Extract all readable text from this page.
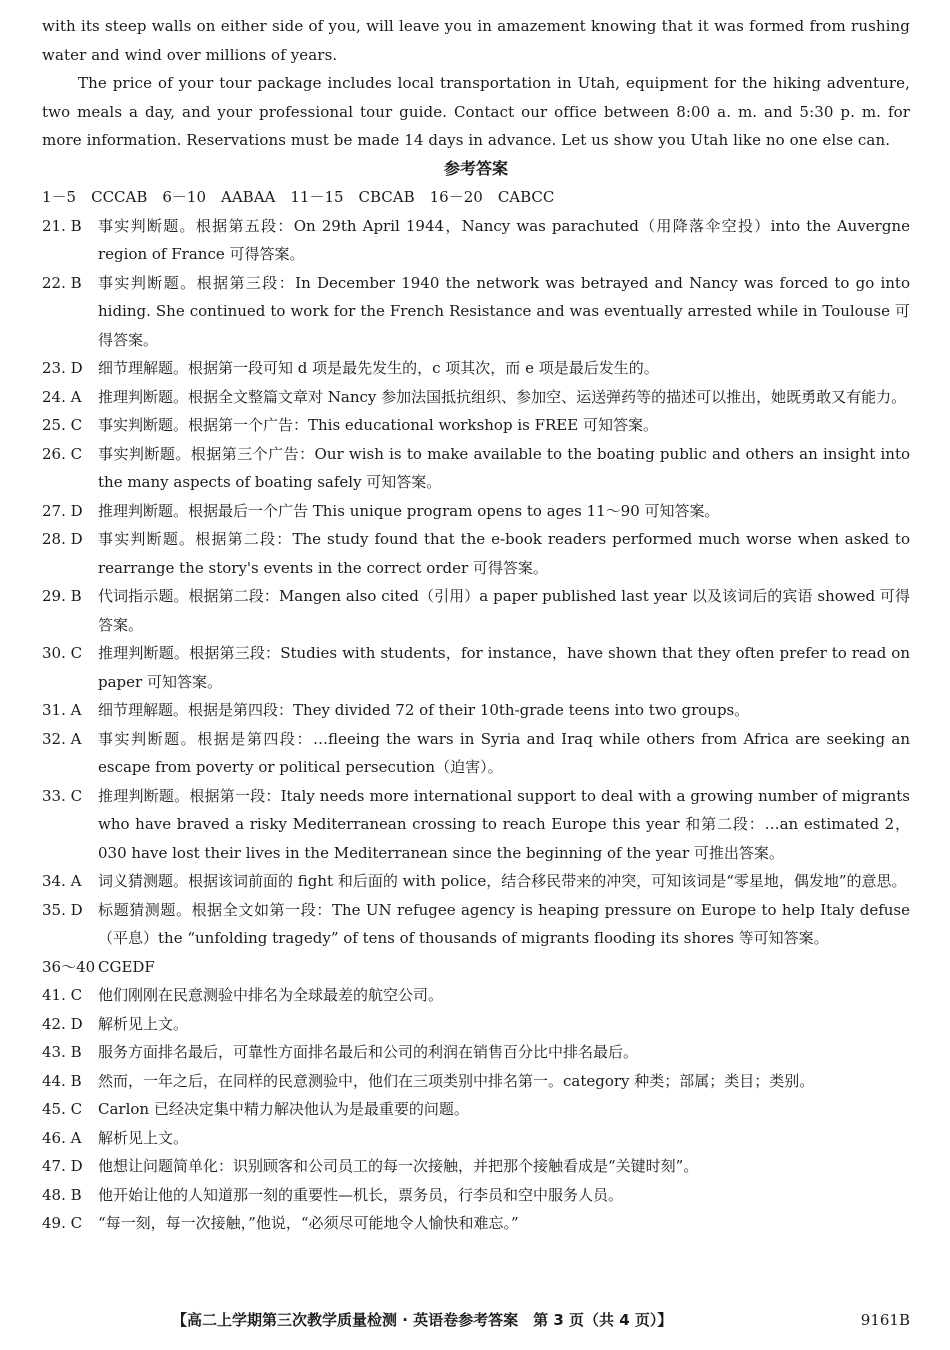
with its steep walls on either side of you, will leave you in amazement knowing that it was formed from rushing water and wind over millions of years.

The price of your tour package includes local transportation in Utah, equipment for the hiking adventure, two meals a day, and your professional tour guide. Contact our office between 8:00 a. m. and 5:30 p. m. for more information. Reservations must be made 14 days in advance. Let us show you Utah like no one else can.

参考答案

1－5　CCCAB　6－10　AABAA　11－15　CBCAB　16－20　CABCC

21. B	事实判断题。根据第五段：On 29th April 1944，Nancy was parachuted（用降落伞空投）into the Auvergne region of France 可得答案。
22. B	事实判断题。根据第三段：In December 1940 the network was betrayed and Nancy was forced to go into hiding. She continued to work for the French Resistance and was eventually arrested while in Toulouse 可得答案。
23. D	细节理解题。根据第一段可知 d 项是最先发生的，c 项其次，而 e 项是最后发生的。
24. A	推理判断题。根据全文整篇文章对 Nancy 参加法国抵抗组织、参加空、运送弹药等的描述可以推出，她既勇敢又有能力。
25. C	事实判断题。根据第一个广告：This educational workshop is FREE 可知答案。
26. C	事实判断题。根据第三个广告：Our wish is to make available to the boating public and others an insight into the many aspects of boating safely 可知答案。
27. D	推理判断题。根据最后一个广告 This unique program opens to ages 11～90 可知答案。
28. D	事实判断题。根据第二段：The study found that the e-book readers performed much worse when asked to rearrange the story's events in the correct order 可得答案。
29. B	代词指示题。根据第二段：Mangen also cited（引用）a paper published last year 以及该词后的宾语 showed 可得答案。
30. C	推理判断题。根据第三段：Studies with students，for instance，have shown that they often prefer to read on paper 可知答案。
31. A	细节理解题。根据是第四段：They divided 72 of their 10th-grade teens into two groups。
32. A	事实判断题。根据是第四段：…fleeing the wars in Syria and Iraq while others from Africa are seeking an escape from poverty or political persecution（迫害）。
33. C	推理判断题。根据第一段：Italy needs more international support to deal with a growing number of migrants who have braved a risky Mediterranean crossing to reach Europe this year 和第二段：…an estimated 2，030 have lost their lives in the Mediterranean since the beginning of the year 可推出答案。
34. A	词义猜测题。根据该词前面的 fight 和后面的 with police，结合移民带来的冲突，可知该词是“零星地，偶发地”的意思。
35. D	标题猜测题。根据全文如第一段：The UN refugee agency is heaping pressure on Europe to help Italy defuse（平息）the “unfolding tragedy” of tens of thousands of migrants flooding its shores 等可知答案。
36～40 CGEDF
41. C	他们刚刚在民意测验中排名为全球最差的航空公司。
42. D	解析见上文。
43. B	服务方面排名最后，可靠性方面排名最后和公司的利润在销售百分比中排名最后。
44. B	然而，一年之后，在同样的民意测验中，他们在三项类别中排名第一。category 种类；部属；类目；类别。
45. C	Carlon 已经决定集中精力解决他认为是最重要的问题。
46. A	解析见上文。
47. D	他想让问题简单化：识别顾客和公司员工的每一次接触，并把那个接触看成是“关键时刻”。
48. B	他开始让他的人知道那一刻的重要性—机长，票务员，行李员和空中服务人员。
49. C	“每一刻，每一次接触，”他说，“必须尽可能地令人愉快和难忘。”
【高二上学期第三次教学质量检测 · 英语卷参考答案　第 3 页（共 4 页）】	9161B
